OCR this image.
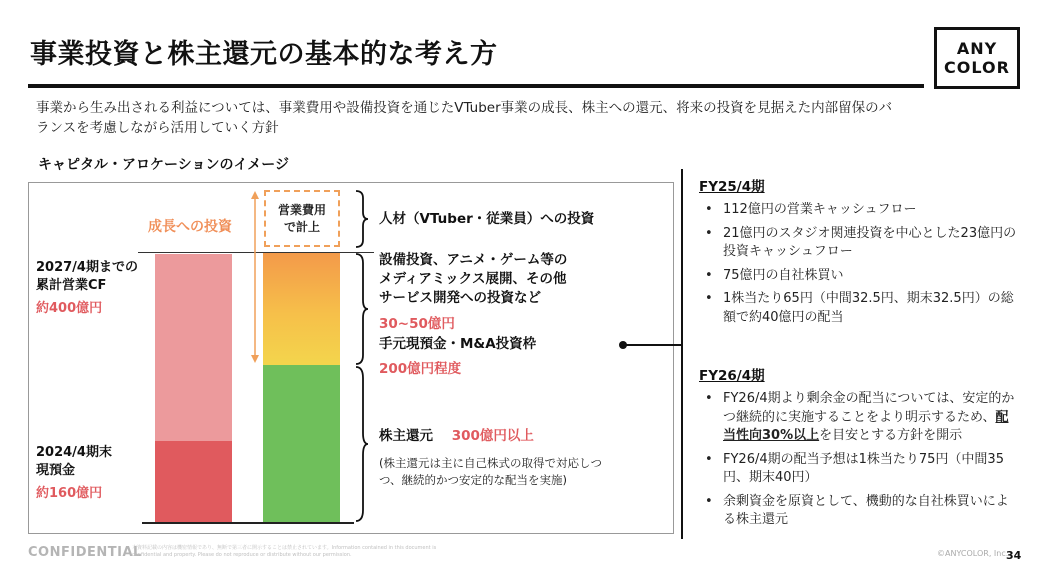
事業投資と株主還元の基本的な考え方	ANY
COLOR
事業から生み出される利益については、事業費用や設備投資を通じたVTuber事業の成長、株主への還元、将来の投資を見据えた内部留保のバ
ランスを考慮しながら活用していく方針
キャピタル・アロケーションのイメージ
営業費用
で計上
成長への投資
2027/4期までの
累計営業CF
約400億円
2024/4期末
現預金
約160億円
人材（VTuber・従業員）への投資
設備投資、アニメ・ゲーム等の
メディアミックス展開、その他
サービス開発への投資など
30~50億円
手元現預金・M&A投資枠
200億円程度
株主還元 300億円以上
(株主還元は主に自己株式の取得で対応しつつ、継続的かつ安定的な配当を実施)
FY25/4期
• 112億円の営業キャッシュフロー
• 21億円のスタジオ関連投資を中心とした23億円の投資キャッシュフロー
• 75億円の自社株買い
• 1株当たり65円（中間32.5円、期末32.5円）の総額で約40億円の配当
FY26/4期
• FY26/4期より剰余金の配当については、安定的かつ継続的に実施することをより明示するため、配当性向30%以上を目安とする方針を開示
• FY26/4期の配当予想は1株当たり75円（中間35円、期末40円）
• 余剰資金を原資として、機動的な自社株買いによる株主還元
CONFIDENTIAL
本資料記載の内容は機密情報であり、無断で第三者に開示することは禁止されています。Information contained in this document is confidential and property. Please do not reproduce or distribute without our permission.	©ANYCOLOR, Inc.
34
